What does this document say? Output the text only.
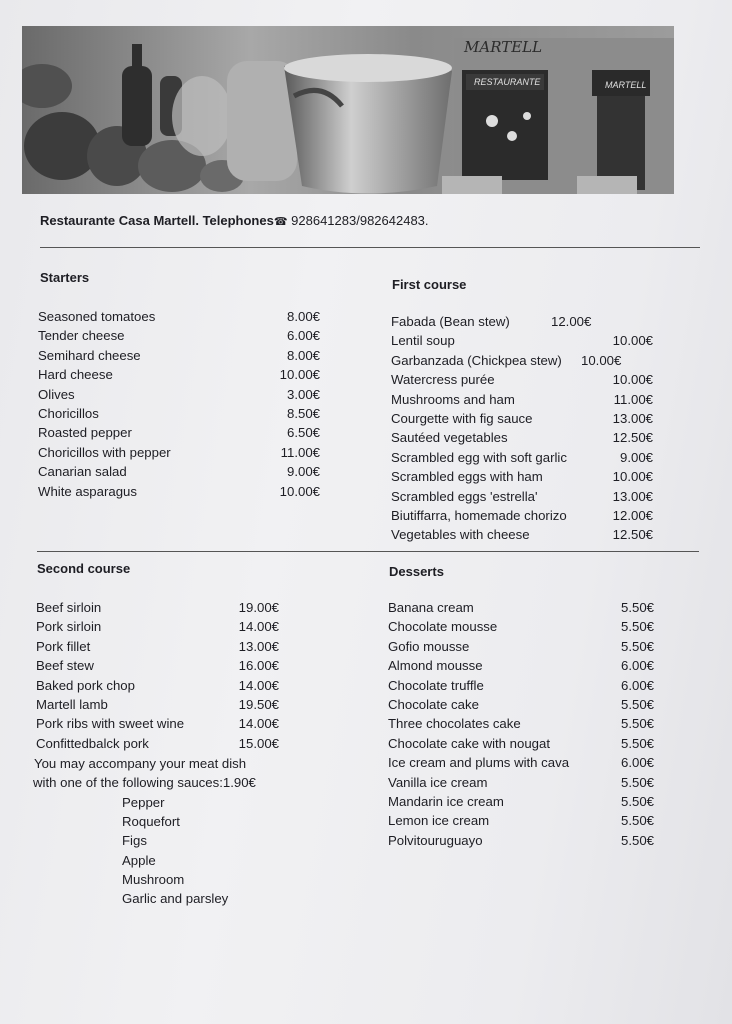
MARTELL
RESTAURANTE	MARTELL
Restaurante Casa Martell. Telephones☎ 928641283/982642483.
Starters
Seasoned tomatoes	8.00€
Tender cheese	6.00€
Semihard cheese	8.00€
Hard cheese	10.00€
Olives	3.00€
Choricillos	8.50€
Roasted pepper	6.50€
Choricillos with pepper	11.00€
Canarian salad	9.00€
White asparagus	10.00€
First course
Fabada (Bean stew)	12.00€
Lentil soup	10.00€
Garbanzada (Chickpea stew) 10.00€
Watercress purée	10.00€
Mushrooms and ham	11.00€
Courgette with fig sauce	13.00€
Sautéed vegetables	12.50€
Scrambled egg with soft garlic	9.00€
Scrambled eggs with ham	10.00€
Scrambled eggs 'estrella'	13.00€
Biutiffarra, homemade chorizo	12.00€
Vegetables with cheese	12.50€
Second course
Beef sirloin	19.00€
Pork sirloin	14.00€
Pork fillet	13.00€
Beef stew	16.00€
Baked pork chop	14.00€
Martell lamb	19.50€
Pork ribs with sweet wine	14.00€
Confittedbalck pork	15.00€
You may accompany your meat dish
with one of the following sauces:1.90€
Pepper
Roquefort
Figs
Apple
Mushroom
Garlic and parsley
Desserts
Banana cream	5.50€
Chocolate mousse	5.50€
Gofio mousse	5.50€
Almond mousse	6.00€
Chocolate truffle	6.00€
Chocolate cake	5.50€
Three chocolates cake	5.50€
Chocolate cake with nougat	5.50€
Ice cream and plums with cava	6.00€
Vanilla ice cream	5.50€
Mandarin ice cream	5.50€
Lemon ice cream	5.50€
Polvitouruguayo	5.50€
